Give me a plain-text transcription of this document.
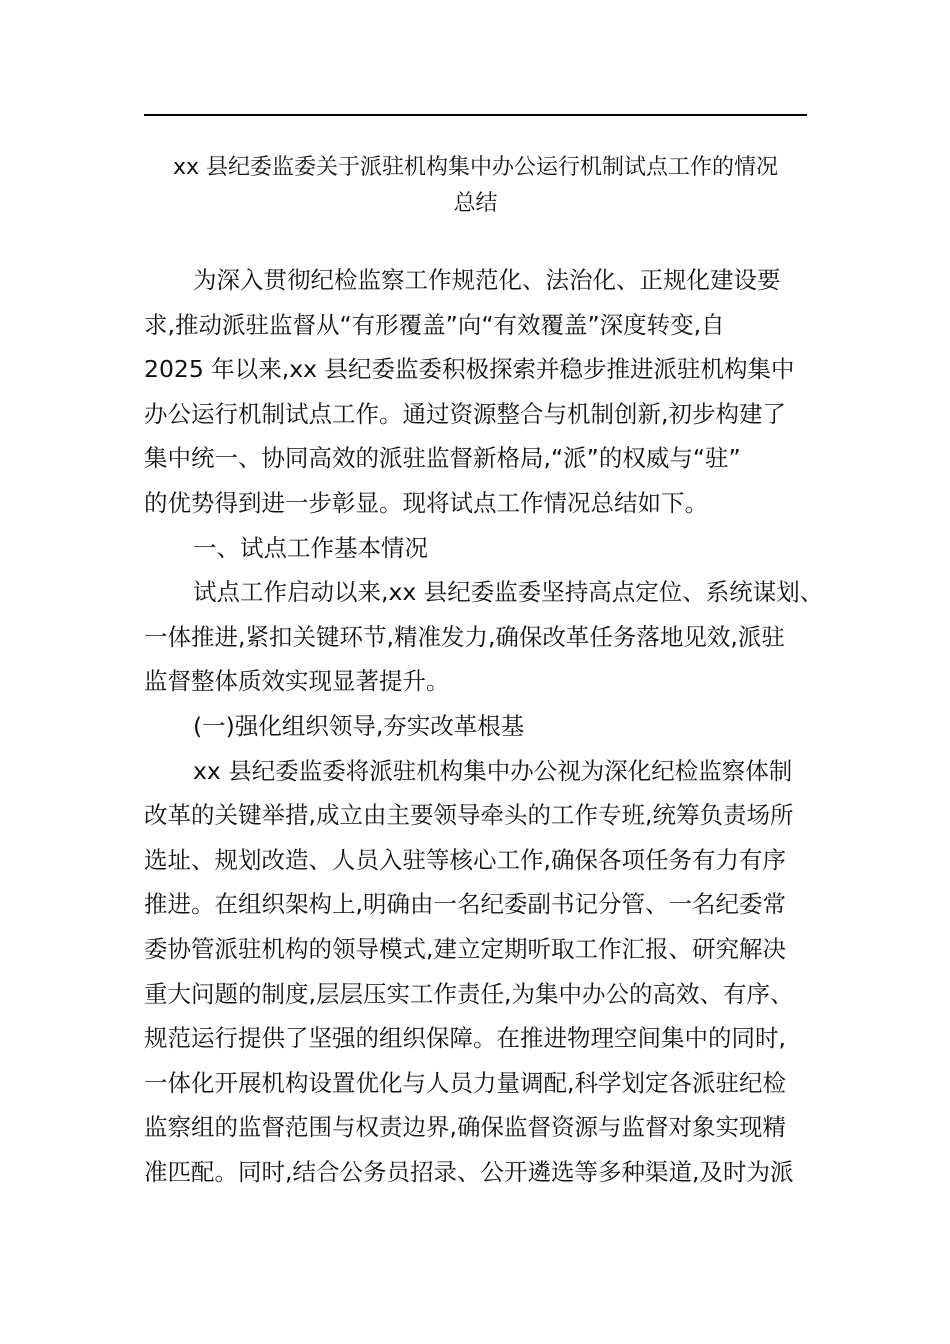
xx 县纪委监委关于派驻机构集中办公运行机制试点工作的情况
总结
为深入贯彻纪检监察工作规范化、法治化、正规化建设要
求,推动派驻监督从“有形覆盖”向“有效覆盖”深度转变,自
2025 年以来,xx 县纪委监委积极探索并稳步推进派驻机构集中
办公运行机制试点工作。通过资源整合与机制创新,初步构建了
集中统一、协同高效的派驻监督新格局,“派”的权威与“驻”
的优势得到进一步彰显。现将试点工作情况总结如下。
一、试点工作基本情况
试点工作启动以来,xx 县纪委监委坚持高点定位、系统谋划、
一体推进,紧扣关键环节,精准发力,确保改革任务落地见效,派驻
监督整体质效实现显著提升。
(一)强化组织领导,夯实改革根基
xx 县纪委监委将派驻机构集中办公视为深化纪检监察体制
改革的关键举措,成立由主要领导牵头的工作专班,统筹负责场所
选址、规划改造、人员入驻等核心工作,确保各项任务有力有序
推进。在组织架构上,明确由一名纪委副书记分管、一名纪委常
委协管派驻机构的领导模式,建立定期听取工作汇报、研究解决
重大问题的制度,层层压实工作责任,为集中办公的高效、有序、
规范运行提供了坚强的组织保障。在推进物理空间集中的同时,
一体化开展机构设置优化与人员力量调配,科学划定各派驻纪检
监察组的监督范围与权责边界,确保监督资源与监督对象实现精
准匹配。同时,结合公务员招录、公开遴选等多种渠道,及时为派
